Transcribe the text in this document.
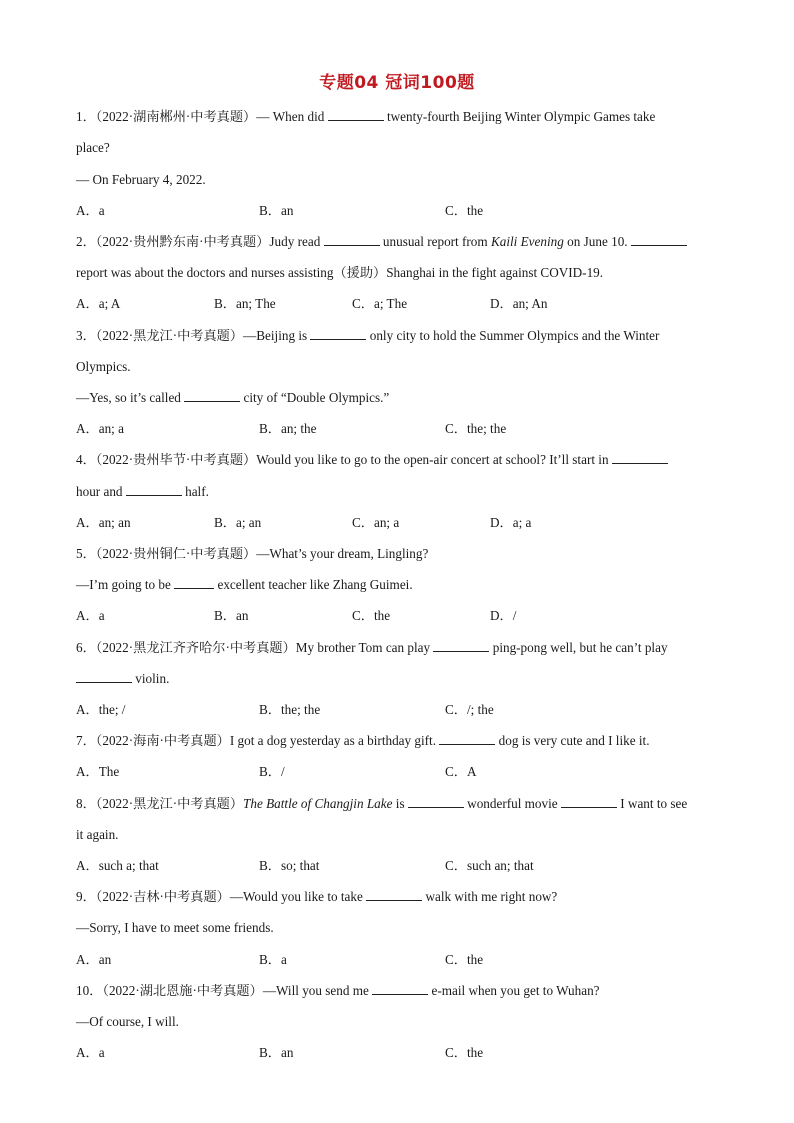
专题04 冠词100题
1．（2022·湖南郴州·中考真题）— When did	twenty-fourth Beijing Winter Olympic Games take
place?
— On February 4, 2022.
A．a	B．an	C．the
2．（2022·贵州黔东南·中考真题）Judy read	unusual report from Kaili Evening on June 10.
report was about the doctors and nurses assisting（援助）Shanghai in the fight against COVID-19.
A．a; A	B．an; The	C．a; The	D．an; An
3．（2022·黑龙江·中考真题）—Beijing is	only city to hold the Summer Olympics and the Winter
Olympics.
—Yes, so it’s called	city of “Double Olympics.”
A．an; a	B．an; the	C．the; the
4．（2022·贵州毕节·中考真题）Would you like to go to the open-air concert at school? It’ll start in
hour and	half.
A．an; an	B．a; an	C．an; a	D．a; a
5．（2022·贵州铜仁·中考真题）—What’s your dream, Lingling?
—I’m going to be	excellent teacher like Zhang Guimei.
A．a	B．an	C．the	D．/
6．（2022·黑龙江齐齐哈尔·中考真题）My brother Tom can play	ping-pong well, but he can’t play
violin.
A．the; /	B．the; the	C．/; the
7．（2022·海南·中考真题）I got a dog yesterday as a birthday gift.	dog is very cute and I like it.
A．The	B．/	C．A
8．（2022·黑龙江·中考真题）The Battle of Changjin Lake is	wonderful movie	I want to see
it again.
A．such a; that	B．so; that	C．such an; that
9．（2022·吉林·中考真题）—Would you like to take	walk with me right now?
—Sorry, I have to meet some friends.
A．an	B．a	C．the
10．（2022·湖北恩施·中考真题）—Will you send me	e-mail when you get to Wuhan?
—Of course, I will.
A．a	B．an	C．the
